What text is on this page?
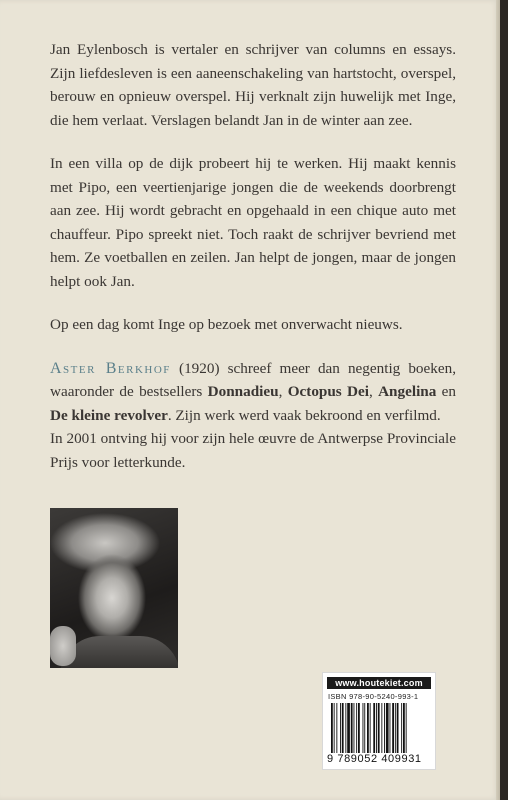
Jan Eylenbosch is vertaler en schrijver van columns en essays. Zijn liefdesleven is een aaneenschakeling van hartstocht, overspel, berouw en opnieuw overspel. Hij verknalt zijn huwelijk met Inge, die hem verlaat. Verslagen belandt Jan in de winter aan zee.

In een villa op de dijk probeert hij te werken. Hij maakt kennis met Pipo, een veertienjarige jongen die de weekends doorbrengt aan zee. Hij wordt gebracht en opgehaald in een chique auto met chauffeur. Pipo spreekt niet. Toch raakt de schrijver bevriend met hem. Ze voetballen en zeilen. Jan helpt de jongen, maar de jongen helpt ook Jan.

Op een dag komt Inge op bezoek met onverwacht nieuws.

Aster Berkhof (1920) schreef meer dan negentig boeken, waaronder de bestsellers Donnadieu, Octopus Dei, Angelina en De kleine revolver. Zijn werk werd vaak bekroond en verfilmd.

In 2001 ontving hij voor zijn hele œuvre de Antwerpse Provinciale Prijs voor letterkunde.

www.houtekiet.com
ISBN 978-90-5240-993-1
9 789052 409931
